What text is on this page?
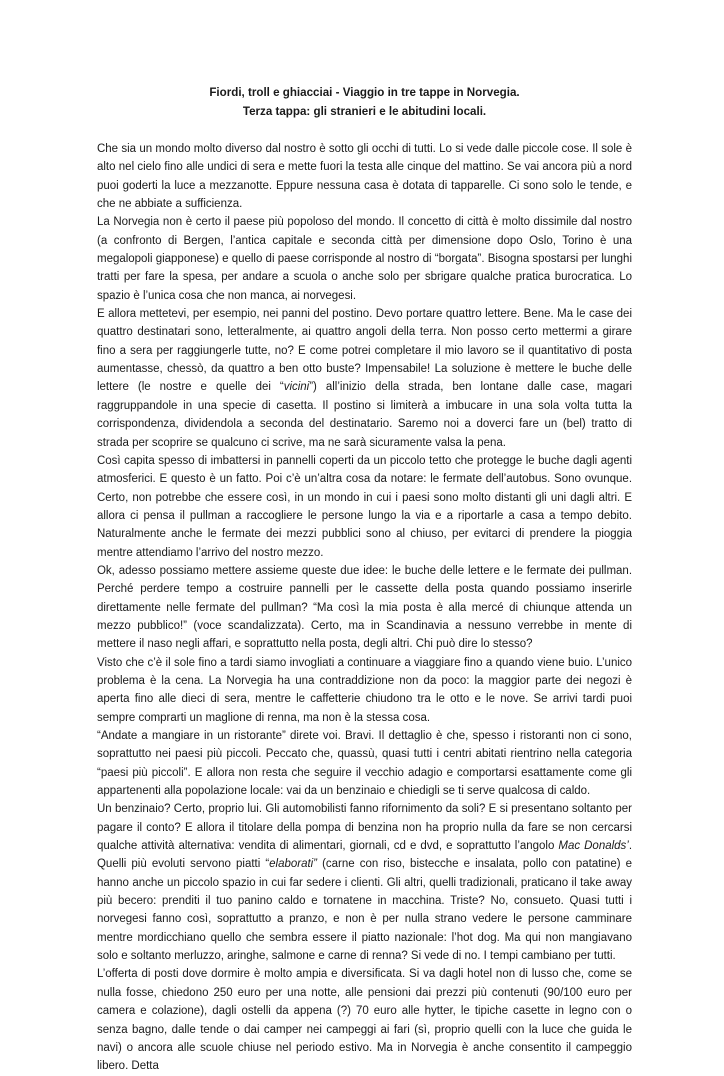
Fiordi, troll e ghiacciai - Viaggio in tre tappe in Norvegia.
Terza tappa: gli stranieri e le abitudini locali.

Che sia un mondo molto diverso dal nostro è sotto gli occhi di tutti. Lo si vede dalle piccole cose. Il sole è alto nel cielo fino alle undici di sera e mette fuori la testa alle cinque del mattino. Se vai ancora più a nord puoi goderti la luce a mezzanotte. Eppure nessuna casa è dotata di tapparelle. Ci sono solo le tende, e che ne abbiate a sufficienza.

La Norvegia non è certo il paese più popoloso del mondo. Il concetto di città è molto dissimile dal nostro (a confronto di Bergen, l’antica capitale e seconda città per dimensione dopo Oslo, Torino è una megalopoli giapponese) e quello di paese corrisponde al nostro di “borgata”. Bisogna spostarsi per lunghi tratti per fare la spesa, per andare a scuola o anche solo per sbrigare qualche pratica burocratica. Lo spazio è l’unica cosa che non manca, ai norvegesi.

E allora mettetevi, per esempio, nei panni del postino. Devo portare quattro lettere. Bene. Ma le case dei quattro destinatari sono, letteralmente, ai quattro angoli della terra. Non posso certo mettermi a girare fino a sera per raggiungerle tutte, no? E come potrei completare il mio lavoro se il quantitativo di posta aumentasse, chessò, da quattro a ben otto buste? Impensabile! La soluzione è mettere le buche delle lettere (le nostre e quelle dei “vicini”) all’inizio della strada, ben lontane dalle case, magari raggruppandole in una specie di casetta. Il postino si limiterà a imbucare in una sola volta tutta la corrispondenza, dividendola a seconda del destinatario. Saremo noi a doverci fare un (bel) tratto di strada per scoprire se qualcuno ci scrive, ma ne sarà sicuramente valsa la pena.

Così capita spesso di imbattersi in pannelli coperti da un piccolo tetto che protegge le buche dagli agenti atmosferici. E questo è un fatto. Poi c’è un’altra cosa da notare: le fermate dell’autobus. Sono ovunque. Certo, non potrebbe che essere così, in un mondo in cui i paesi sono molto distanti gli uni dagli altri. E allora ci pensa il pullman a raccogliere le persone lungo la via e a riportarle a casa a tempo debito. Naturalmente anche le fermate dei mezzi pubblici sono al chiuso, per evitarci di prendere la pioggia mentre attendiamo l’arrivo del nostro mezzo.

Ok, adesso possiamo mettere assieme queste due idee: le buche delle lettere e le fermate dei pullman. Perché perdere tempo a costruire pannelli per le cassette della posta quando possiamo inserirle direttamente nelle fermate del pullman? “Ma così la mia posta è alla mercé di chiunque attenda un mezzo pubblico!” (voce scandalizzata). Certo, ma in Scandinavia a nessuno verrebbe in mente di mettere il naso negli affari, e soprattutto nella posta, degli altri. Chi può dire lo stesso?

Visto che c’è il sole fino a tardi siamo invogliati a continuare a viaggiare fino a quando viene buio. L’unico problema è la cena. La Norvegia ha una contraddizione non da poco: la maggior parte dei negozi è aperta fino alle dieci di sera, mentre le caffetterie chiudono tra le otto e le nove. Se arrivi tardi puoi sempre comprarti un maglione di renna, ma non è la stessa cosa.

“Andate a mangiare in un ristorante” direte voi. Bravi. Il dettaglio è che, spesso i ristoranti non ci sono, soprattutto nei paesi più piccoli. Peccato che, quassù, quasi tutti i centri abitati rientrino nella categoria “paesi più piccoli”. E allora non resta che seguire il vecchio adagio e comportarsi esattamente come gli appartenenti alla popolazione locale: vai da un benzinaio e chiedigli se ti serve qualcosa di caldo.

Un benzinaio? Certo, proprio lui. Gli automobilisti fanno rifornimento da soli? E si presentano soltanto per pagare il conto? E allora il titolare della pompa di benzina non ha proprio nulla da fare se non cercarsi qualche attività alternativa: vendita di alimentari, giornali, cd e dvd, e soprattutto l’angolo Mac Donalds’. Quelli più evoluti servono piatti “elaborati” (carne con riso, bistecche e insalata, pollo con patatine) e hanno anche un piccolo spazio in cui far sedere i clienti. Gli altri, quelli tradizionali, praticano il take away più becero: prenditi il tuo panino caldo e tornatene in macchina. Triste? No, consueto. Quasi tutti i norvegesi fanno così, soprattutto a pranzo, e non è per nulla strano vedere le persone camminare mentre mordicchiano quello che sembra essere il piatto nazionale: l’hot dog. Ma qui non mangiavano solo e soltanto merluzzo, aringhe, salmone e carne di renna? Si vede di no. I tempi cambiano per tutti.

L’offerta di posti dove dormire è molto ampia e diversificata. Si va dagli hotel non di lusso che, come se nulla fosse, chiedono 250 euro per una notte, alle pensioni dai prezzi più contenuti (90/100 euro per camera e colazione), dagli ostelli da appena (?) 70 euro alle hytter, le tipiche casette in legno con o senza bagno, dalle tende o dai camper nei campeggi ai fari (sì, proprio quelli con la luce che guida le navi) o ancora alle scuole chiuse nel periodo estivo. Ma in Norvegia è anche consentito il campeggio libero. Detta
